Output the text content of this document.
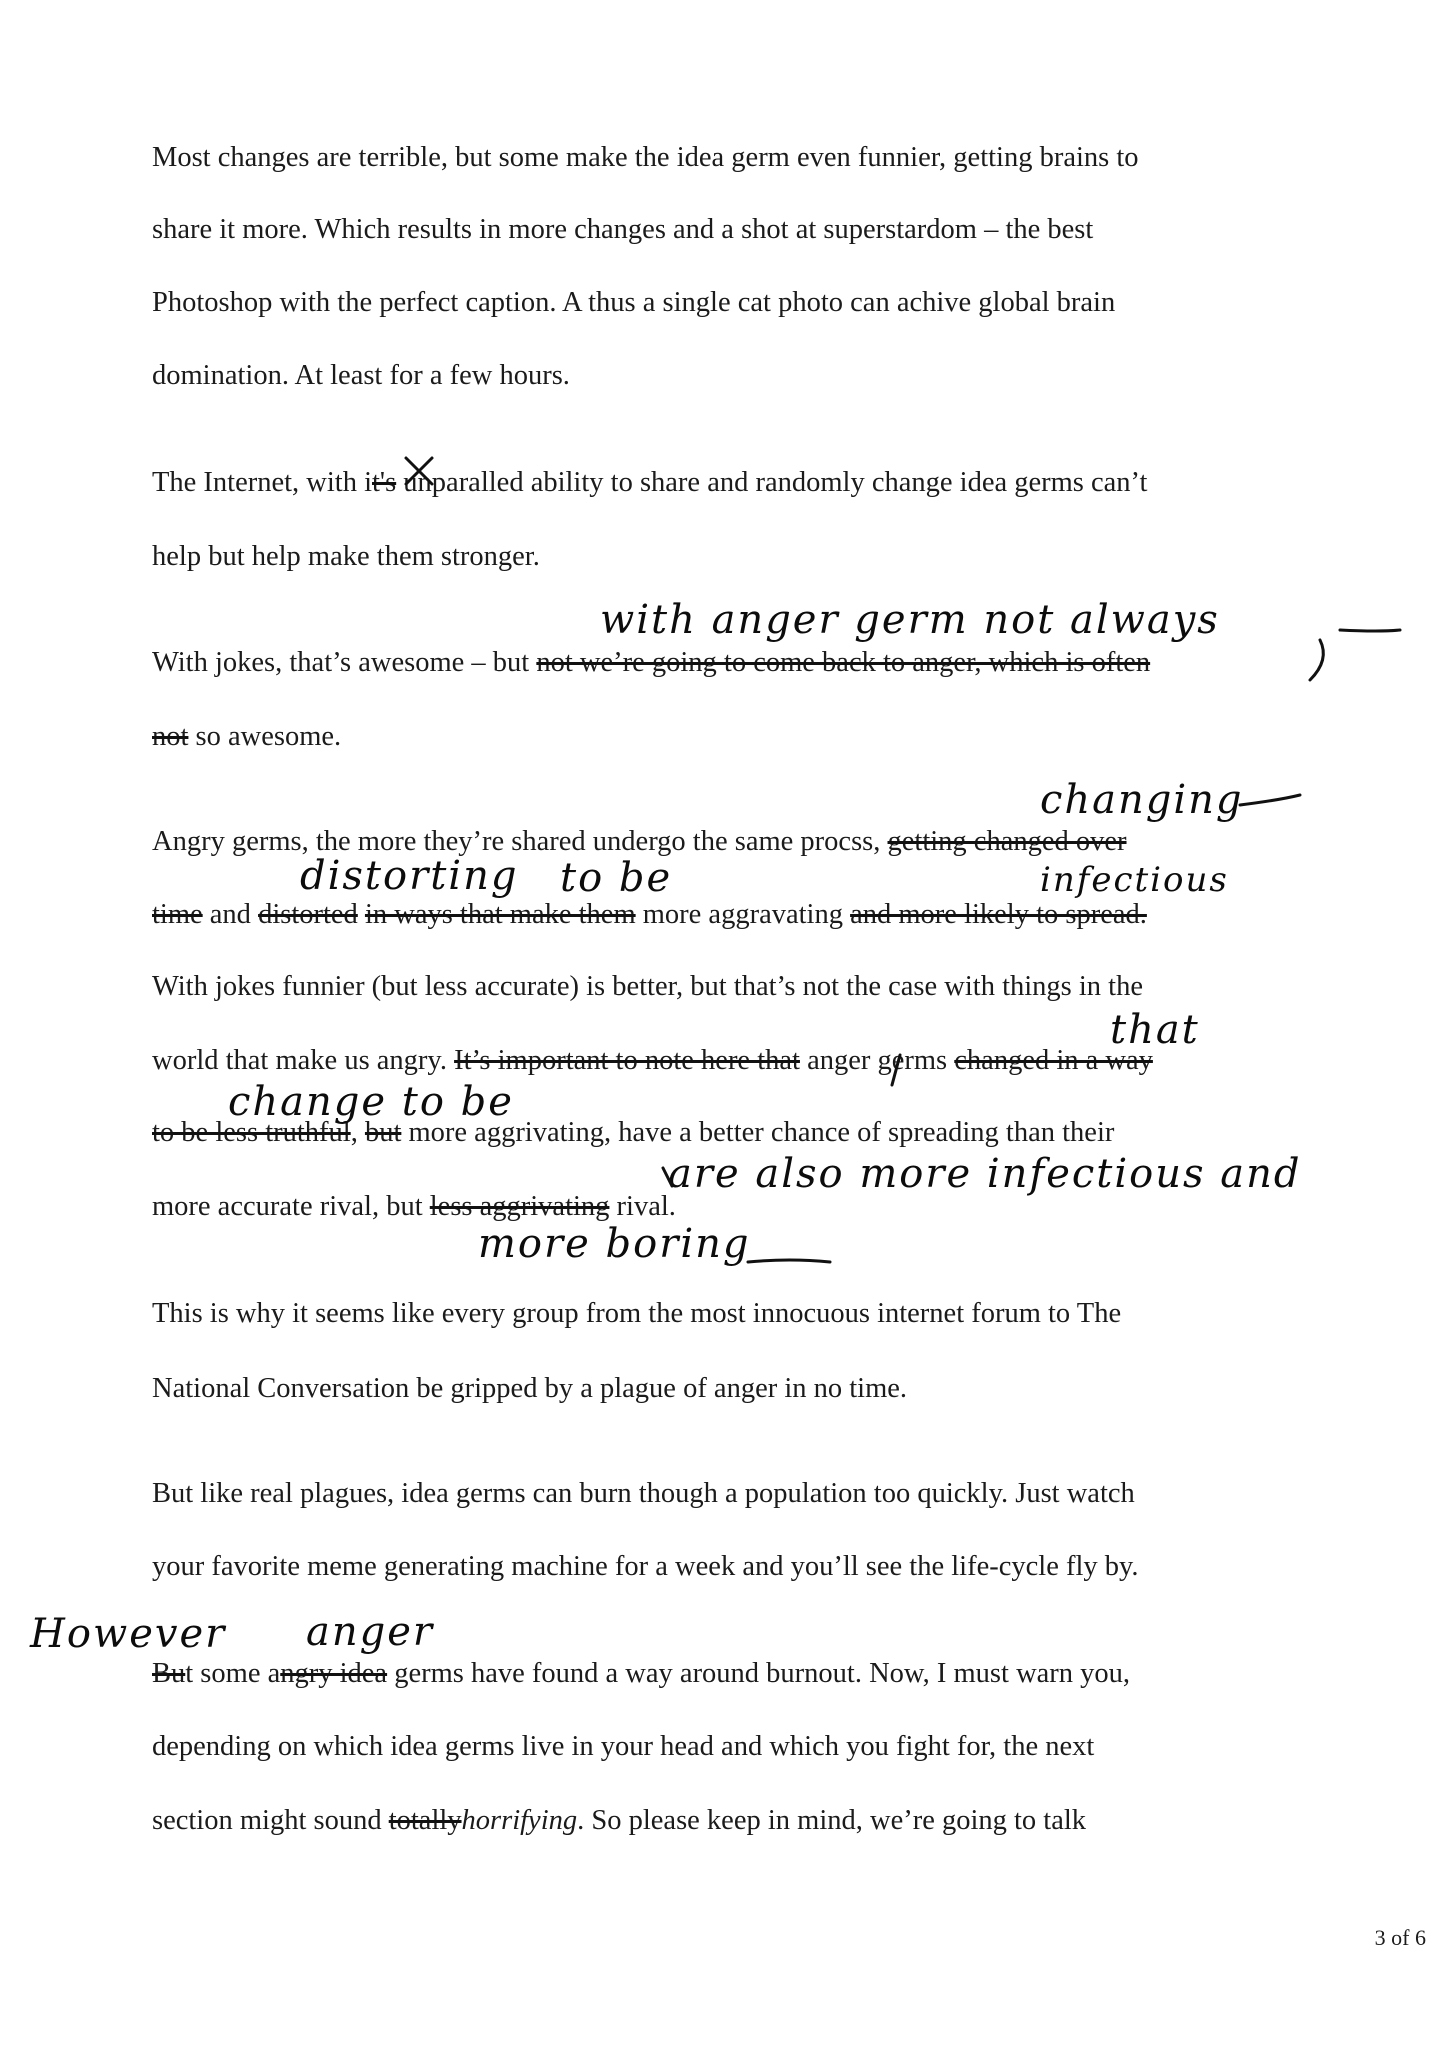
Most changes are terrible, but some make the idea germ even funnier, getting brains to

share it more. Which results in more changes and a shot at superstardom – the best

Photoshop with the perfect caption. A thus a single cat photo can achive global brain

domination. At least for a few hours.

The Internet, with it's unparalled ability to share and randomly change idea germs can’t

help but help make them stronger.

With jokes, that’s awesome – but not we’re going to come back to anger, which is often

not so awesome.

Angry germs, the more they’re shared undergo the same procss, getting changed over

time and distorted in ways that make them more aggravating and more likely to spread.

With jokes funnier (but less accurate) is better, but that’s not the case with things in the

world that make us angry. It’s important to note here that anger germs changed in a way

to be less truthful, but more aggrivating, have a better chance of spreading than their

more accurate rival, but less aggrivating rival.

This is why it seems like every group from the most innocuous internet forum to The

National Conversation be gripped by a plague of anger in no time.

But like real plagues, idea germs can burn though a population too quickly. Just watch

your favorite meme generating machine for a week and you’ll see the life-cycle fly by.

But some angry idea germs have found a way around burnout. Now, I must warn you,

depending on which idea germs live in your head and which you fight for, the next

section might sound totallyhorrifying. So please keep in mind, we’re going to talk

with anger germ not always
changing
infectious
distorting to be
that
change to be
are also more infectious and
more boring
However anger
3 of 6
